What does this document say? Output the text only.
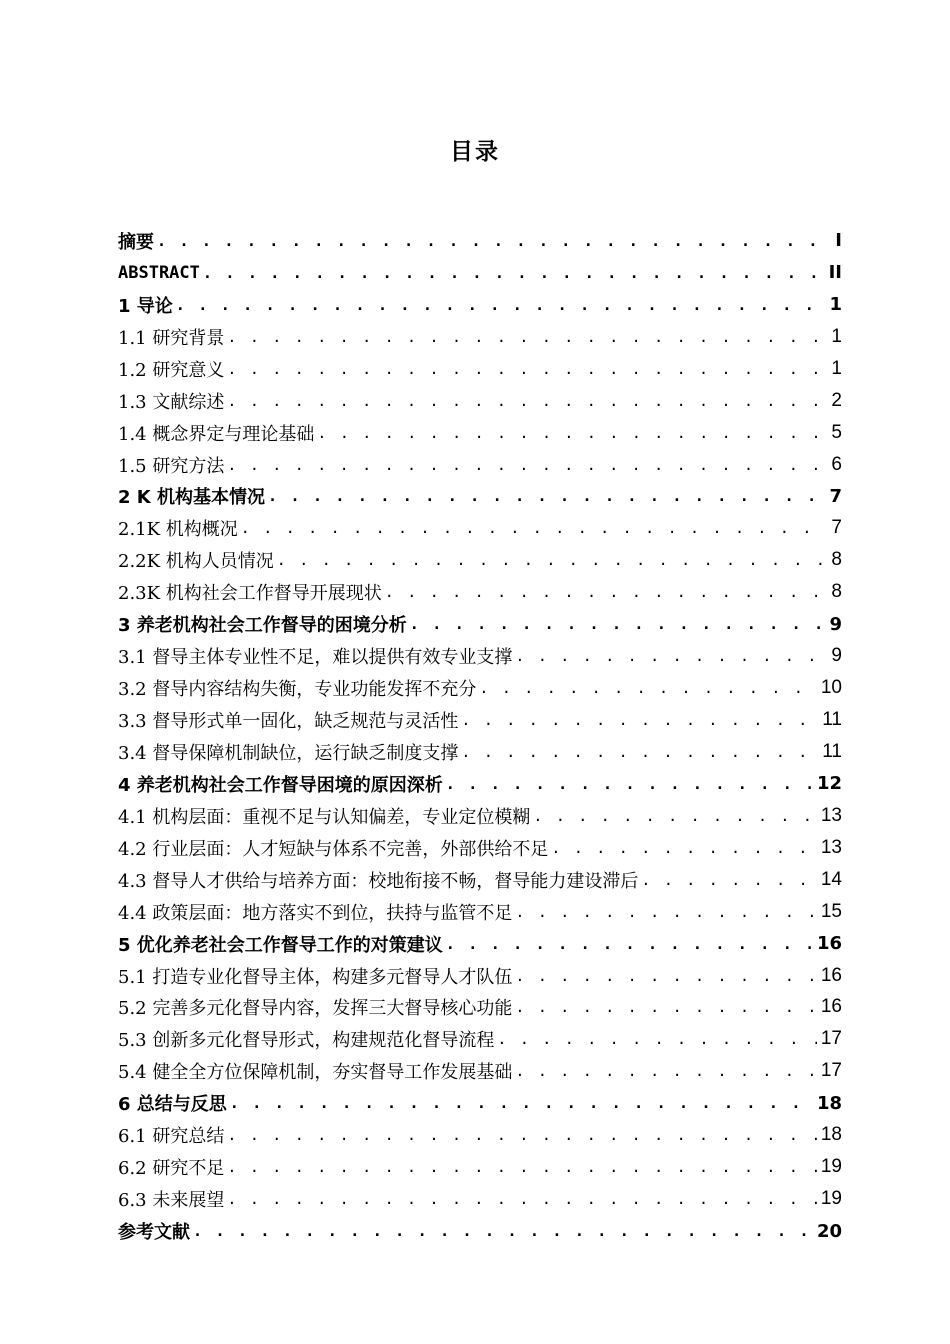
目录
摘要 . . .	I
ABSTRACT . . .	II
1 导论 . . .	1
1.1 研究背景 . . .	1
1.2 研究意义 . . .	1
1.3 文献综述 . . .	2
1.4 概念界定与理论基础 . . .	5
1.5 研究方法 . . .	6
2 K 机构基本情况 . . .	7
2.1K 机构概况 . . .	7
2.2K 机构人员情况 . . .	8
2.3K 机构社会工作督导开展现状 . . .	8
3 养老机构社会工作督导的困境分析 . . .	9
3.1 督导主体专业性不足，难以提供有效专业支撑 . . .	9
3.2 督导内容结构失衡，专业功能发挥不充分 . . .	10
3.3 督导形式单一固化，缺乏规范与灵活性 . . .	11
3.4 督导保障机制缺位，运行缺乏制度支撑 . . .	11
4 养老机构社会工作督导困境的原因深析 . . .	12
4.1 机构层面：重视不足与认知偏差，专业定位模糊 . . .	13
4.2 行业层面：人才短缺与体系不完善，外部供给不足 . . .	13
4.3 督导人才供给与培养方面：校地衔接不畅，督导能力建设滞后 . . .	14
4.4 政策层面：地方落实不到位，扶持与监管不足 . . .	15
5 优化养老社会工作督导工作的对策建议 . . .	16
5.1 打造专业化督导主体，构建多元督导人才队伍 . . .	16
5.2 完善多元化督导内容，发挥三大督导核心功能 . . .	16
5.3 创新多元化督导形式，构建规范化督导流程 . . .	17
5.4 健全全方位保障机制，夯实督导工作发展基础 . . .	17
6 总结与反思 . . .	18
6.1 研究总结 . . .	18
6.2 研究不足 . . .	19
6.3 未来展望 . . .	19
参考文献 . . .	20
